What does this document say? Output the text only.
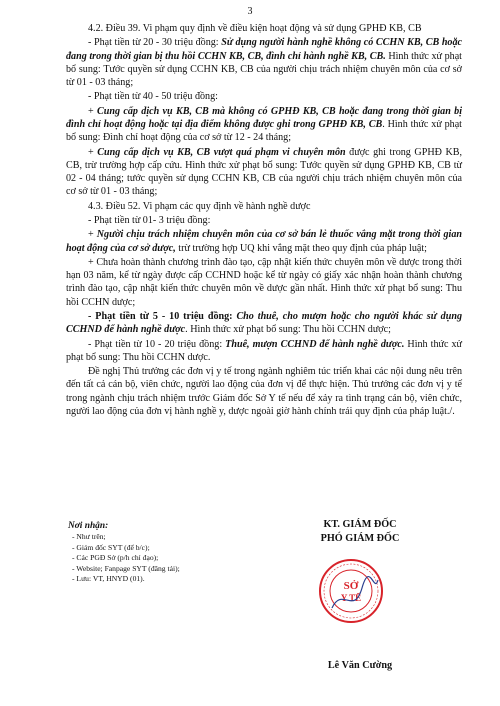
3

4.2. Điều 39. Vi phạm quy định về điều kiện hoạt động và sử dụng GPHĐ KB, CB

- Phạt tiền từ 20 - 30 triệu đồng: Sử dụng người hành nghề không có CCHN KB, CB hoặc đang trong thời gian bị thu hồi CCHN KB, CB, đình chỉ hành nghề KB, CB. Hình thức xử phạt bổ sung: Tước quyền sử dụng CCHN KB, CB của người chịu trách nhiệm chuyên môn của cơ sở từ 01 - 03 tháng;

- Phạt tiền từ 40 - 50 triệu đồng:

+ Cung cấp dịch vụ KB, CB mà không có GPHĐ KB, CB hoặc đang trong thời gian bị đình chỉ hoạt động hoặc tại địa điểm không được ghi trong GPHĐ KB, CB. Hình thức xử phạt bổ sung: Đình chỉ hoạt động của cơ sở từ 12 - 24 tháng;

+ Cung cấp dịch vụ KB, CB vượt quá phạm vi chuyên môn được ghi trong GPHĐ KB, CB, trừ trường hợp cấp cứu. Hình thức xử phạt bổ sung: Tước quyền sử dụng GPHĐ KB, CB từ 02 - 04 tháng; tước quyền sử dụng CCHN KB, CB của người chịu trách nhiệm chuyên môn của cơ sở từ 01 - 03 tháng;

4.3. Điều 52. Vi phạm các quy định về hành nghề dược

- Phạt tiền từ 01- 3 triệu đồng:

+ Người chịu trách nhiệm chuyên môn của cơ sở bán lẻ thuốc vắng mặt trong thời gian hoạt động của cơ sở dược, trừ trường hợp UQ khi vắng mặt theo quy định của pháp luật;

+ Chưa hoàn thành chương trình đào tạo, cập nhật kiến thức chuyên môn về dược trong thời hạn 03 năm, kể từ ngày được cấp CCHND hoặc kể từ ngày có giấy xác nhận hoàn thành chương trình đào tạo, cập nhật kiến thức chuyên môn về dược gần nhất. Hình thức xử phạt bổ sung: Thu hồi CCHN dược;

- Phạt tiền từ 5 - 10 triệu đồng: Cho thuê, cho mượn hoặc cho người khác sử dụng CCHND để hành nghề dược. Hình thức xử phạt bổ sung: Thu hồi CCHN dược;

- Phạt tiền từ 10 - 20 triệu đồng: Thuê, mượn CCHND để hành nghề dược. Hình thức xử phạt bổ sung: Thu hồi CCHN dược.

Đề nghị Thủ trưởng các đơn vị y tế trong ngành nghiêm túc triển khai các nội dung nêu trên đến tất cả cán bộ, viên chức, người lao động của đơn vị để thực hiện. Thủ trưởng các đơn vị y tế trong ngành chịu trách nhiệm trước Giám đốc Sở Y tế nếu để xảy ra tình trạng cán bộ, viên chức, người lao động của đơn vị hành nghề y, dược ngoài giờ hành chính trái quy định của pháp luật./.

Nơi nhận:
- Như trên;
- Giám đốc SYT (để b/c);
- Các PGĐ Sở (p/h chỉ đạo);
- Website; Fanpage SYT (đăng tải);
- Lưu: VT, HNYD (01).
KT. GIÁM ĐỐC
PHÓ GIÁM ĐỐC
SỞ
Y TẾ
Lê Văn Cường
